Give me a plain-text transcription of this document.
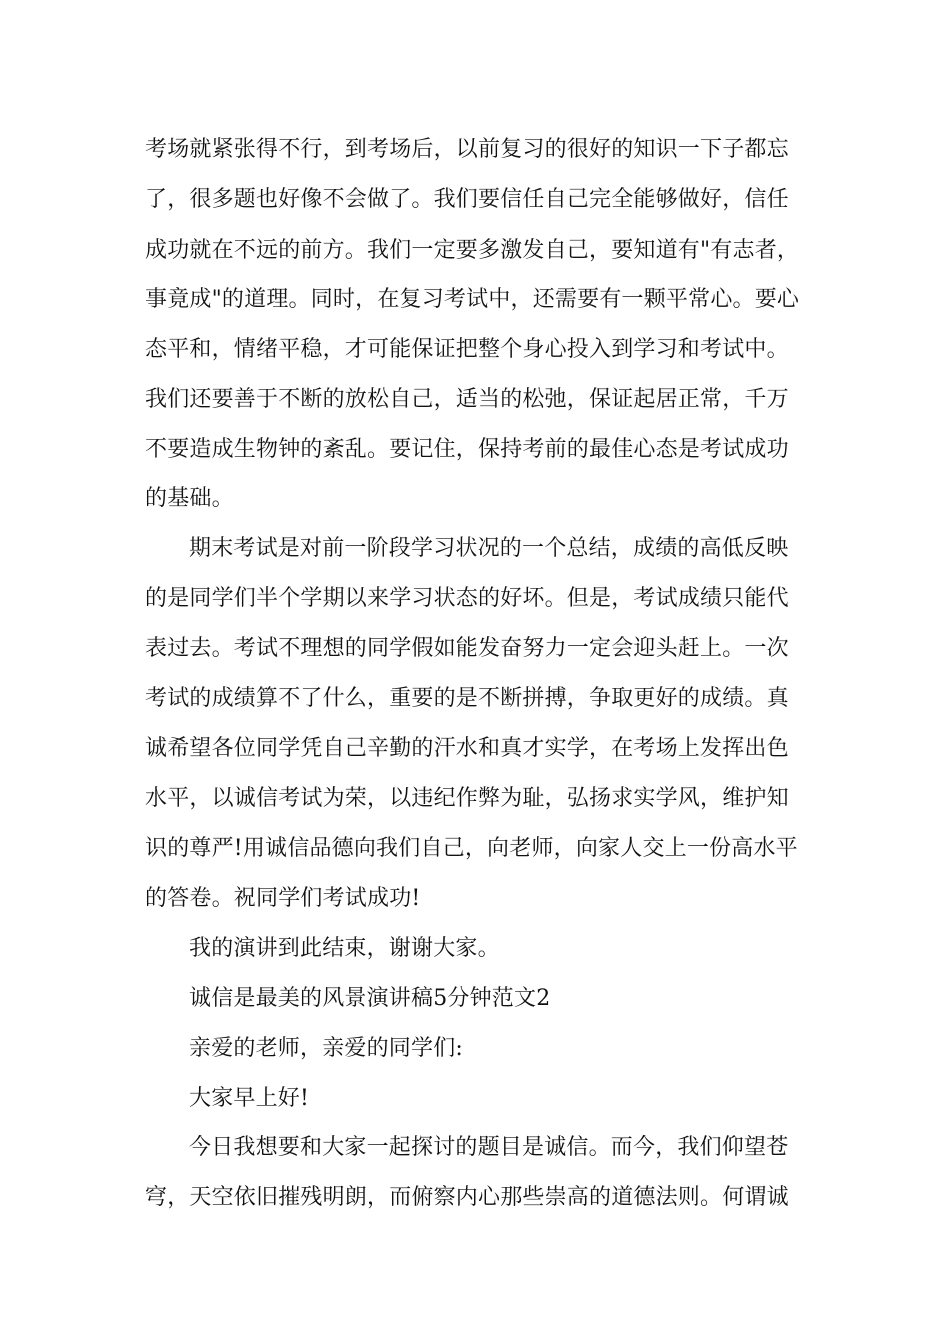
考场就紧张得不行，到考场后，以前复习的很好的知识一下子都忘
了，很多题也好像不会做了。我们要信任自己完全能够做好，信任
成功就在不远的前方。我们一定要多激发自己，要知道有"有志者，
事竟成"的道理。同时，在复习考试中，还需要有一颗平常心。要心
态平和，情绪平稳，才可能保证把整个身心投入到学习和考试中。
我们还要善于不断的放松自己，适当的松弛，保证起居正常，千万
不要造成生物钟的紊乱。要记住，保持考前的最佳心态是考试成功
的基础。
期末考试是对前一阶段学习状况的一个总结，成绩的高低反映
的是同学们半个学期以来学习状态的好坏。但是，考试成绩只能代
表过去。考试不理想的同学假如能发奋努力一定会迎头赶上。一次
考试的成绩算不了什么，重要的是不断拼搏，争取更好的成绩。真
诚希望各位同学凭自己辛勤的汗水和真才实学，在考场上发挥出色
水平，以诚信考试为荣，以违纪作弊为耻，弘扬求实学风，维护知
识的尊严!用诚信品德向我们自己，向老师，向家人交上一份高水平
的答卷。祝同学们考试成功!
我的演讲到此结束，谢谢大家。
诚信是最美的风景演讲稿5分钟范文2
亲爱的老师，亲爱的同学们:
大家早上好!
今日我想要和大家一起探讨的题目是诚信。而今，我们仰望苍
穹，天空依旧摧残明朗，而俯察内心那些崇高的道德法则。何谓诚
